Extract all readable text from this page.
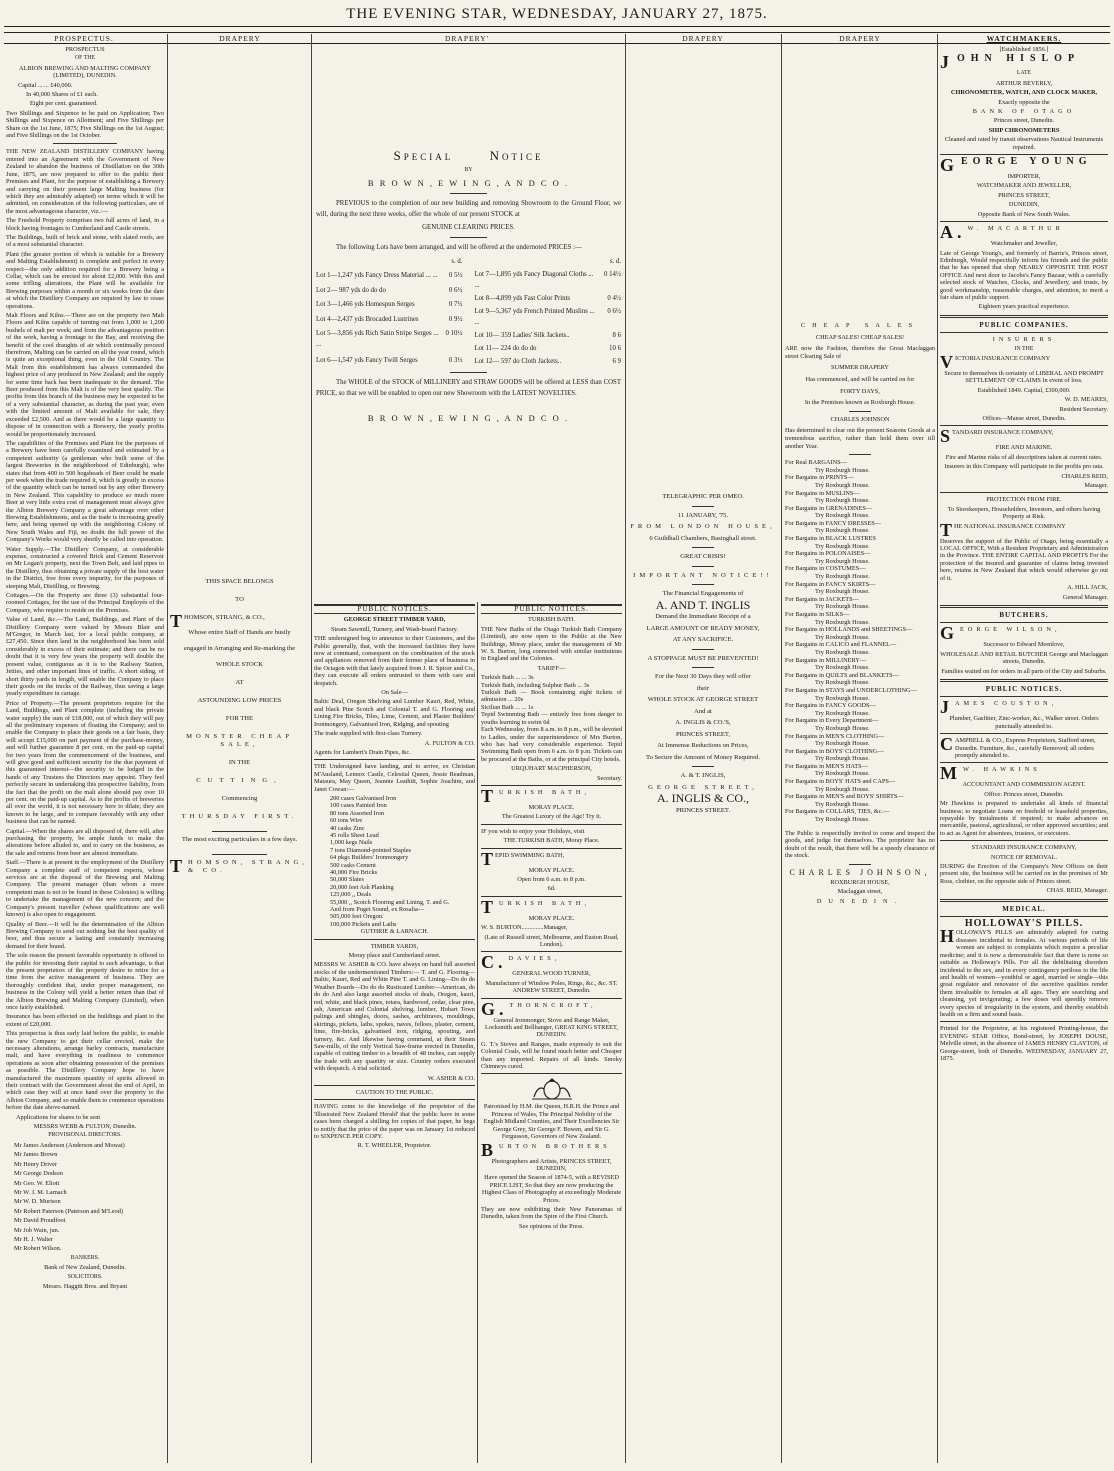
THE EVENING STAR, WEDNESDAY, JANUARY 27, 1875.
PROSPECTUS.	DRAPERY	DRAPERY'	DRAPERY	DRAPERY	WATCHMAKERS.

PROSPECTUS

OF THE

ALBION BREWING AND MALTING COMPANY (LIMITED), DUNEDIN.

Capital ... ... £40,000.

In 40,000 Shares of £1 each.

Eight per cent. guaranteed.

Two Shillings and Sixpence to be paid on Application; Two Shillings and Sixpence on Allotment; and Five Shillings per Share on the 1st June, 1875; Five Shillings on the 1st August; and Five Shillings on the 1st October.

THE NEW ZEALAND DISTILLERY COMPANY having entered into an Agreement with the Government of New Zealand to abandon the business of Distillation on the 30th June, 1875, are now prepared to offer to the public their Premises and Plant, for the purpose of establishing a Brewery and carrying on their present large Malting business (for which they are admirably adapted) on terms which it will be admitted, on consideration of the following particulars, are of the most advantageous character, viz.:—

The Freehold Property comprises two full acres of land, in a block having frontages to Cumberland and Castle streets.

The Buildings, built of brick and stone, with slated roofs, are of a most substantial character.

Plant (the greater portion of which is suitable for a Brewery and Malting Establishment) is complete and perfect in every respect—the only addition required for a Brewery being a Cellar, which can be erected for about £2,000. With this and some trifling alterations, the Plant will be available for Brewing purposes within a month or six weeks from the date at which the Distillery Company are required by law to cease operations.

Malt Floors and Kilns.—There are on the property two Malt Floors and Kilns capable of turning out from 1,000 to 1,200 bushels of malt per week; and from the advantageous position of the work, having a frontage to the Bay, and receiving the benefit of the cool draughts of air which continually proceed therefrom, Malting can be carried on all the year round, which is quite an exceptional thing, even in the Old Country. The Malt from this establishment has always commanded the highest price of any produced in New Zealand; and the supply for some time back has been inadequate to the demand. The Beer produced from this Malt is of the very best quality. The profits from this branch of the business may be expected to be of a very substantial character, as during the past year, even with the limited amount of Malt available for sale, they exceeded £2,500. And as there would be a large quantity to dispose of in connection with a Brewery, the yearly profits would be proportionately increased.

The capabilities of the Premises and Plant for the purposes of a Brewery have been carefully examined and estimated by a competent authority (a gentleman who built some of the largest Breweries in the neighborhood of Edinburgh), who states that from 400 to 500 hogsheads of Beer could be made per week when the trade required it, which is greatly in excess of the quantity which can be turned out by any other Brewery in New Zealand. This capability to produce so much more Beer at very little extra cost of management must always give the Albion Brewery Company a great advantage over other Brewing Establishments, and as the trade is increasing greatly here, and being opened up with the neighboring Colony of New South Wales and Fiji, no doubt the full power of the Company's Works would very shortly be called into operation.

Water Supply.—The Distillery Company, at considerable expense, constructed a covered Brick and Cement Reservoir on Mr Logan's property, next the Town Belt, and laid pipes to the Distillery, thus obtaining a private supply of the best water in the District, free from every impurity, for the purposes of steeping Malt, Distilling, or Brewing.

Cottages.—On the Property are three (3) substantial four-roomed Cottages, for the use of the Principal Employés of the Company, who require to reside on the Premises.

Value of Land, &c.—The Land, Buildings, and Plant of the Distillery Company were valued by Messrs Blair and M'Gregor, in March last, for a local public company, at £27,450. Since then land in the neighborhood has been sold considerably in excess of their estimate; and there can be no doubt that it is very few years the property will double the present value, contiguous as it is to the Railway Station, Jetties, and other important lines of traffic. A short siding, of short thirty yards in length, will enable the Company to place their goods on the trucks of the Railway, thus saving a large yearly expenditure in cartage.

Price of Property.—The present proprietors require for the Land, Buildings, and Plant complete (including the private water supply) the sum of £18,000, out of which they will pay all the preliminary expenses of floating the Company; and to enable the Company to place their goods on a fair basis, they will accept £15,000 on part payment of the purchase-money, and will further guarantee 8 per cent. on the paid-up capital for two years from the commencement of the business, and will give good and sufficient security for the due payment of this guaranteed interest—the security to be lodged in the hands of any Trustees the Directors may appoint. They feel perfectly secure in undertaking this prospective liability, from the fact that the profit on the malt alone should pay over 10 per cent. on the paid-up capital. As to the profits of breweries all over the world, it is not necessary here to dilate; they are known to be large, and to compare favorably with any other business that can be named.

Capital.—When the shares are all disposed of, there will, after purchasing the property, be ample funds to make the alterations before alluded to, and to carry on the business, as the sale and returns from beer are almost immediate.

Staff.—There is at present in the employment of the Distillery Company a complete staff of competent experts, whose services are at the disposal of the Brewing and Malting Company. The present manager (than whom a more competent man is not to be found in these Colonies) is willing to undertake the management of the new concern; and the Company's present traveller (whose qualifications are well known) is also open to engagement.

Quality of Beer.—It will be the determination of the Albion Brewing Company to send out nothing but the best quality of beer, and thus secure a lasting and constantly increasing demand for their brand.

The sole reason the present favorable opportunity is offered to the public for investing their capital to such advantage, is that the present proprietors of the property desire to retire for a time from the active management of business. They are thoroughly confident that, under proper management, no business in the Colony will yield a better return than that of the Albion Brewing and Malting Company (Limited), when once fairly established.

Insurance has been effected on the buildings and plant to the extent of £20,000.

This prospectus is thus early laid before the public, to enable the new Company to get their cellar erected, make the necessary alterations, arrange barley contracts, manufacture malt, and have everything in readiness to commence operations as soon after obtaining possession of the premises as possible. The Distillery Company hope to have manufactured the maximum quantity of spirits allowed in their contract with the Government about the end of April, in which case they will at once hand over the property to the Albion Company, and so enable them to commence operations before the date above-named.

Applications for shares to be sent

MESSRS WEBB & FULTON, Dunedin.

PROVISIONAL DIRECTORS.

Mr James Anderson (Anderson and Mowat)

Mr James Brown

Mr Henry Driver

Mr George Dodson

Mr Geo. W. Eliott

Mr W. J. M. Larnach

Mr W. D. Murison

Mr Robert Paterson (Paterson and M'Leod)

Mr David Proudfoot

Mr Job Wain, jun.

Mr H. J. Walter

Mr Robert Wilson.

BANKERS.

Bank of New Zealand, Dunedin.

SOLICITORS.

Messrs. Haggitt Bros. and Bryant

THIS SPACE BELONGS

TO

THOMSON, STRANG, & CO.,

Whose entire Staff of Hands are busily

engaged in Arranging and Re-marking the

WHOLE STOCK

AT

ASTOUNDING LOW PRICES

FOR THE

MONSTER CHEAP SALE,

IN THE

CUTTING,

Commencing

THURSDAY FIRST.

The most exciting particulars in a few days.

THOMSON, STRANG, & CO.

SPECIAL	NOTICE

BY

B R O W N , E W I N G , A N D C O .

PREVIOUS to the completion of our new building and removing Showroom to the Ground Floor, we will, during the next three weeks, offer the whole of our present STOCK at

GENUINE CLEARING PRICES.

The following Lots have been arranged, and will be offered at the undernoted PRICES :—

	s. d.
Lot 1—1,247 yds Fancy Dress Material ... ...	0 5½
Lot 2— 987 yds do do do	0 6½
Lot 3—1,466 yds Homespun Serges	0 7½
Lot 4—2,437 yds Brocaded Lustrines	0 9½
Lot 5—3,856 yds Rich Satin Stripe Serges ... ...	0 10½
Lot 6—1,547 yds Fancy Twill Serges	0 3½
	s. d.
Lot 7—1,895 yds Fancy Diagonal Cloths ... ...	0 14½
Lot 8—4,899 yds Fast Color Prints	0 4½
Lot 9—5,367 yds French Printed Muslins ... ...	0 6½
Lot 10— 359 Ladies' Silk Jackets..	8 6
Lot 11— 224 do do do	10 6
Lot 12— 597 do Cloth Jackets..	6 9

The WHOLE of the STOCK of MILLINERY and STRAW GOODS will be offered at LESS than COST PRICE, so that we will be enabled to open our new Showroom with the LATEST NOVELTIES.

B R O W N , E W I N G , A N D C O .

TELEGRAPHIC PER OMEO.

11 JANUARY, '75.

FROM LONDON HOUSE,

6 Guildhall Chambers, Basinghall street.

GREAT CRISIS!

IMPORTANT NOTICE!!

The Financial Engagements of

A. AND T. INGLIS

Demand the Immediate Receipt of a

LARGE AMOUNT OF READY MONEY,

AT ANY SACRIFICE.

A STOPPAGE MUST BE PREVENTED!

For the Next 30 Days they will offer

their

WHOLE STOCK AT GEORGE STREET

And at

A. INGLIS & CO.'S,

PRINCES STREET,

At Immense Reductions on Prices,

To Secure the Amount of Money Required.

A. & T. INGLIS,

GEORGE STREET,

A. INGLIS & CO.,

PRINCES STREET.

CHEAP SALES

CHEAP SALES! CHEAP SALES!

ARE now the Fashion, therefore the Great Maclaggan street Clearing Sale of

SUMMER DRAPERY

Has commenced, and will be carried on for

FORTY DAYS,

In the Premises known as Roxburgh House.

CHARLES JOHNSON

Has determined to clear out the present Seasons Goods at a tremendous sacrifice, rather than hold them over till another Year.

For Real BARGAINS—

Try Roxburgh House.

For Bargains in PRINTS—

Try Roxburgh House.

For Bargains in MUSLINS—

Try Roxburgh House.

For Bargains in GRENADINES—

Try Roxburgh House.

For Bargains in FANCY DRESSES—

Try Roxburgh House.

For Bargains in BLACK LUSTRES

Try Roxburgh House.

For Bargains in POLONAISES—

Try Roxburgh House.

For Bargains in COSTUMES—

Try Roxburgh House.

For Bargains in FANCY SKIRTS—

Try Roxburgh House.

For Bargains in JACKETS—

Try Roxburgh House.

For Bargains in SILKS—

Try Roxburgh House.

For Bargains in HOLLANDS and SHEETINGS—

Try Roxburgh House.

For Bargains in CALICO and FLANNEL—

Try Roxburgh House.

For Bargains in MILLINERY—

Try Roxburgh House.

For Bargains in QUILTS and BLANKETS—

Try Roxburgh House.

For Bargains in STAYS and UNDERCLOTHING—

Try Roxburgh House.

For Bargains in FANCY GOODS—

Try Roxburgh House.

For Bargains in Every Department—

Try Roxburgh House.

For Bargains in MEN'S CLOTHING—

Try Roxburgh House.

For Bargains in BOYS' CLOTHING—

Try Roxburgh House.

For Bargains in MEN'S HATS—

Try Roxburgh House.

For Bargains in BOYS' HATS and CAPS—

Try Roxburgh House.

For Bargains in MEN'S and BOYS' SHIRTS—

Try Roxburgh House.

For Bargains in COLLARS, TIES, &c.—

Try Roxburgh House.

The Public is respectfully invited to come and inspect the goods, and judge for themselves. The proprietor has no doubt of the result, that there will be a speedy clearance of the stock.

CHARLES JOHNSON,

ROXBURGH HOUSE,

Maclaggan street,

DUNEDIN.

PUBLIC NOTICES.

GEORGE STREET TIMBER YARD,

Steam Sawmill, Turnery, and Wash-board Factory.

THE undersigned beg to announce to their Customers, and the Public generally, that, with the increased facilities they have now at command, consequent on the combination of the stock and appliances removed from their former place of business in the Octagon with that lately acquired from J. R. Spicer and Co., they can execute all orders entrusted to them with care and despatch.

On Sale—

Baltic Deal, Oregon Shelving and Lumber Kauri, Red, White, and black Pine Scotch and Colonial T. and G. Flooring and Lining Fire Bricks, Tiles, Lime, Cement, and Plaster Builders' Ironmongery, Galvanised Iron, Ridging, and spouting

The trade supplied with first-class Turnery.

A. FULTON & CO.

Agents for Lambert's Drain Pipes, &c.

THE Undersigned have landing, and to arrive, ex Christian M'Ausland, Lennox Castle, Celestial Queen, Jessie Readman, Mataura, May Queen, Jeannie Leathitt, Sophie Joachim, and Janet Cowan:—

200 cases Galvanised Iron

100 cases Painted Iron

80 tons Assorted Iron

60 tons Wire

40 casks Zinc

45 rolls Sheet Lead

1,000 kegs Nails

7 tons Diamond-pointed Staples

64 pkgs Builders' Ironmongery

500 casks Cement

40,000 Fire Bricks

50,000 Slates

20,000 feet Ash Planking

125,000 ,, Deals

55,000 ,, Scotch Flooring and Lining, T. and G.

And from Puget Sound, ex Rosalia—

505,000 feet Oregon.

100,000 Pickets and Laths

GUTHRIE & LARNACH.

TIMBER YARDS,

Moray place and Cumberland street.

MESSRS W. ASHER & CO. have always on hand full assorted stocks of the undermentioned Timbers:— T. and G. Flooring—Baltic, Kauri, Red and White Pine T. and G. Lining—Do do do Weather Boards—Do do do Rusticated Lumber—American, do do do And also large assorted stocks of deals, Oregon, kauri, red, white, and black pines, totara, hardwood, cedar, clear pine, ash, American and Colonial shelving, lumber, Hobart Town palings and shingles, doors, sashes, architraves, mouldings, skirtings, pickets, laths, spokes, naves, felloes, plaster, cement, lime, fire-bricks, galvanised iron, ridging, spouting, and turnery, &c. And likewise having command, at their Steam Saw-mills, of the only Vertical Saw-frame erected in Dunedin, capable of cutting timber to a breadth of 48 inches, can supply the trade with any quantity or size. Country orders executed with despatch. A trial solicited.

W. ASHER & CO.

CAUTION TO THE PUBLIC.

HAVING come to the knowledge of the proprietor of the 'Illustrated New Zealand Herald' that the public have in some cases been charged a shilling for copies of that paper, he begs to notify that the price of the paper was on January 1st reduced to SIXPENCE PER COPY.

R. T. WHEELER, Proprietor.

PUBLIC NOTICES.

TURKISH BATH.

THE New Baths of the Otago Turkish Bath Company (Limited), are now open to the Public at the New Buildings, Moray place, under the management of Mr W. S. Burton, long connected with similar institutions in England and the Colonies.

TARIFF—

Turkish Bath ... ... 3s

Turkish Bath, including Sulphur Bath ... 3s

Turkish Bath — Book containing eight tickets of admission ... 20s

Sicilian Bath ... ... 1s

Tepid Swimming Bath — entirely free from danger to youths learning to swim 6d

Each Wednesday, from 8 a.m. to 8 p.m., will be devoted to Ladies, under the superintendence of Mrs Burton, who has had very considerable experience. Tepid Swimming Bath open from 6 a.m. to 8 p.m. Tickets can be procured at the Baths, or at the principal City hotels.

URQUHART MACPHERSON,

Secretary.

TURKISH BATH,

MORAY PLACE.

The Greatest Luxury of the Age! Try it.

IF you wish to enjoy your Holidays, visit

THE TURKISH BATH, Moray Place.

TEPID SWIMMING BATH,

MORAY PLACE.

Open from 6 a.m. to 8 p.m.

6d.

TURKISH BATH,

MORAY PLACE.

W. S. BURTON..............Manager,

(Late of Russell street, Melbourne, and Euston Road, London).

C. DAVIES,

GENERAL WOOD TURNER,

Manufacturer of Window Poles, Rings, &c., &c. ST. ANDREW STREET, Dunedin.

G. THORNCROFT,

General Ironmonger, Stove and Range Maker, Locksmith and Bellhanger, GREAT KING STREET, DUNEDIN.

G. T.'s Stoves and Ranges, made expressly to suit the Colonial Coals, will be found much better and Cheaper than any imported. Repairs of all kinds. Smoky Chimneys cured.

Patronised by H.M. the Queen, H.R.H. the Prince and Princess of Wales, The Principal Nobility of the English Midland Counties, and Their Excellencies Sir George Grey, Sir George F. Bowen, and Sir G. Fergusson, Governors of New Zealand.

BURTON BROTHERS

Photographers and Artists, PRINCES STREET, DUNEDIN,

Have opened the Season of 1874-5, with a REVISED PRICE LIST, So that they are now producing the Highest Class of Photography at exceedingly Moderate Prices.

They are now exhibiting their New Panoramas of Dunedin, taken from the Spire of the First Church.

See opinions of the Press.

[Established 1856.]

JOHN HISLOP

LATE

ARTHUR BEVERLY,

CHRONOMETER, WATCH, AND CLOCK MAKER,

Exactly opposite the

BANK OF OTAGO

Princes street, Dunedin.

SHIP CHRONOMETERS

Cleaned and rated by transit observations Nautical Instruments repaired.

GEORGE YOUNG

IMPORTER,

WATCHMAKER AND JEWELLER,

PRINCES STREET,

DUNEDIN,

Opposite Bank of New South Wales.

A. W. MACARTHUR

Watchmaker and Jeweller,

Late of George Young's, and formerly of Barrie's, Princes street, Edinburgh, Would respectfully inform his friends and the public that he has opened that shop NEARLY OPPOSITE THE POST OFFICE And next door to Jacobs's Fancy Bazaar, with a carefully selected stock of Watches, Clocks, and Jewellery, and trusts, by good workmanship, reasonable charges, and attention, to merit a fair share of public support.

Eighteen years practical experience.

PUBLIC COMPANIES.

INSURERS

IN THE

VICTORIA INSURANCE COMPANY

Secure to themselves th certainty of LIBERAL AND PROMPT SETTLEMENT OF CLAIMS In event of loss.

Established 1849. Capital, £300,000.

W. D. MEARES,

Resident Secretary.

Offices—Manse street, Dunedin.

STANDARD INSURANCE COMPANY,

FIRE AND MARINE.

Fire and Marine risks of all descriptions taken at current rates.

Insurers in this Company will participate in the profits pro rata.

CHARLES REID,

Manager.

PROTECTION FROM FIRE.

To Storekeepers, Householders, Investors, and others having Property at Risk.

THE NATIONAL INSURANCE COMPANY

Deserves the support of the Public of Otago, being essentially a LOCAL OFFICE, With a Resident Proprietary and Administration in the Province. THE ENTIRE CAPITAL AND PROFITS For the protection of the insured and guarantee of claims being invested here, retains in New Zealand that which would otherwise go out of it.

A. HILL JACK,

General Manager.

BUTCHERS.

GEORGE WILSON,

Successor to Edward Meenlove,

WHOLESALE AND RETAIL BUTCHER George and Maclaggan streets, Dunedin.

Families waited on for orders in all parts of the City and Suburbs.

PUBLIC NOTICES.

JAMES COUSTON,

Plumber, Gasfitter, Zinc-worker, &c., Walker street. Orders punctually attended to.

CAMPBELL & CO., Express Proprietors, Stafford street, Dunedin. Furniture, &c., carefully Removed; all orders promptly attended to.

M W. HAWKINS

ACCOUNTANT AND COMMISSION AGENT.

Office: Princes street, Dunedin.

Mr Hawkins is prepared to undertake all kinds of financial business; to negotiate Loans on freehold or leasehold properties, repayable by instalments if required; to make advances on mercantile, pastoral, agricultural, or other approved securities; and to act as Agent for absentees, trustees, or executors.

STANDARD INSURANCE COMPANY,

NOTICE OF REMOVAL.

DURING the Erection of the Company's New Offices on their present site, the business will be carried on in the premises of Mr Ross, clothier, on the opposite side of Princes street.

CHAS. REID, Manager.

MEDICAL.

HOLLOWAY'S PILLS.

HOLLOWAY'S PILLS are admirably adapted for curing diseases incidental to females. At various periods of life women are subject to complaints which require a peculiar medicine; and it is now a demonstrable fact that there is none so suitable as Holloway's Pills. For all the debilitating disorders incidental to the sex, and in every contingency perilous to the life and health of women—youthful or aged, married or single—this great regulator and renovator of the secretive qualities render them invaluable to females at all ages. They are searching and cleansing, yet invigorating; a few doses will speedily remove every species of irregularity in the system, and thereby establish health on a firm and sound basis.

Printed for the Proprietor, at his registered Printing-house, the EVENING STAR Office, Bond-street, by JOSEPH DOUSE, Melville street, in the absence of JAMES HENRY CLAYTON, of George-street, both of Dunedin. WEDNESDAY, JANUARY 27, 1875.
